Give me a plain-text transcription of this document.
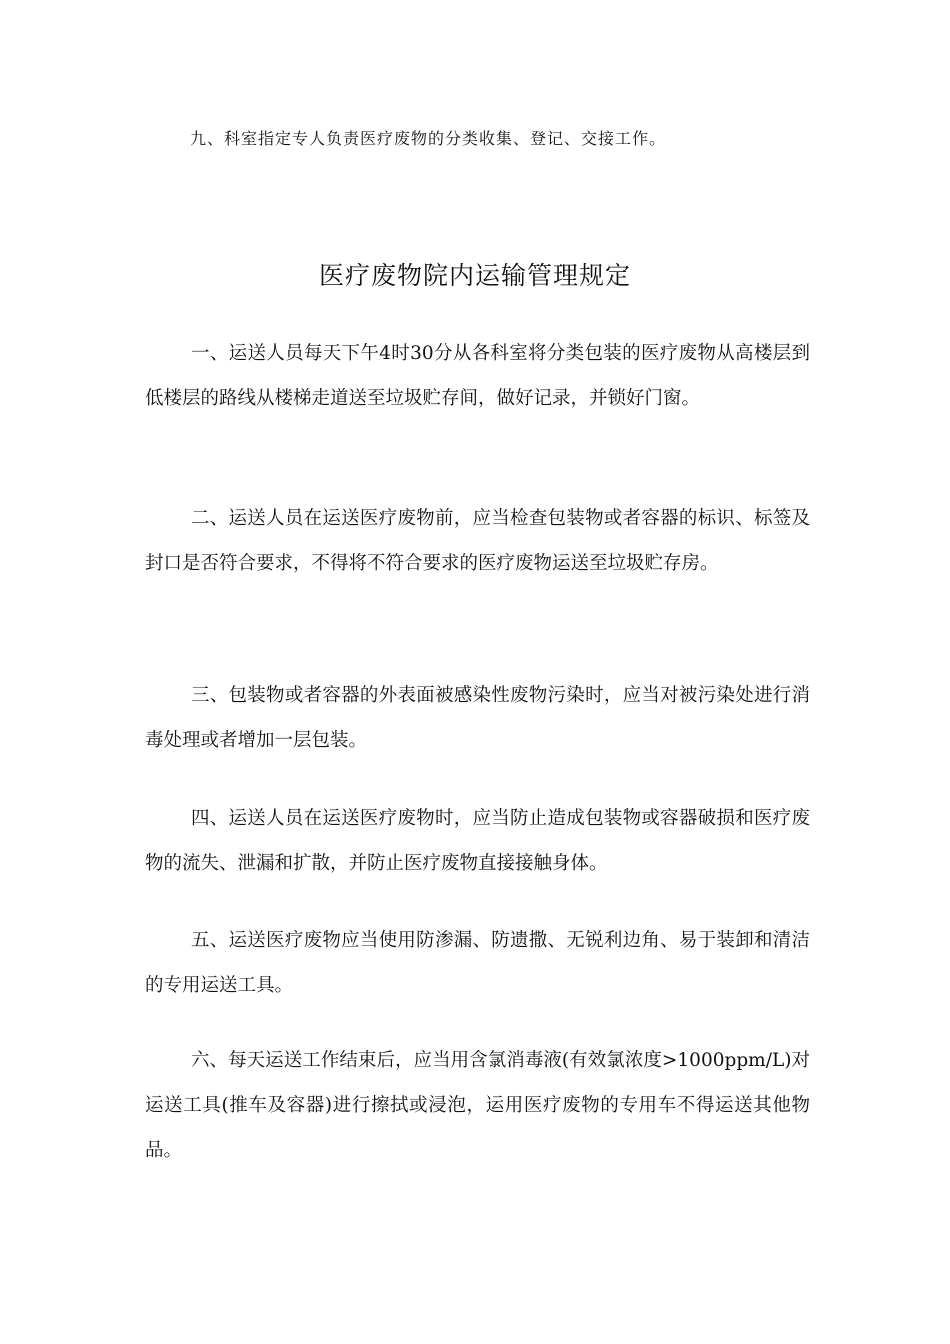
九、科室指定专人负责医疗废物的分类收集、登记、交接工作。
医疗废物院内运输管理规定

一、运送人员每天下午4时30分从各科室将分类包装的医疗废物从高楼层到低楼层的路线从楼梯走道送至垃圾贮存间，做好记录，并锁好门窗。

二、运送人员在运送医疗废物前，应当检查包装物或者容器的标识、标签及封口是否符合要求，不得将不符合要求的医疗废物运送至垃圾贮存房。

三、包装物或者容器的外表面被感染性废物污染时，应当对被污染处进行消毒处理或者增加一层包装。

四、运送人员在运送医疗废物时，应当防止造成包装物或容器破损和医疗废物的流失、泄漏和扩散，并防止医疗废物直接接触身体。

五、运送医疗废物应当使用防渗漏、防遗撒、无锐利边角、易于装卸和清洁的专用运送工具。

六、每天运送工作结束后，应当用含氯消毒液(有效氯浓度>1000ppm/L)对运送工具(推车及容器)进行擦拭或浸泡，运用医疗废物的专用车不得运送其他物品。
